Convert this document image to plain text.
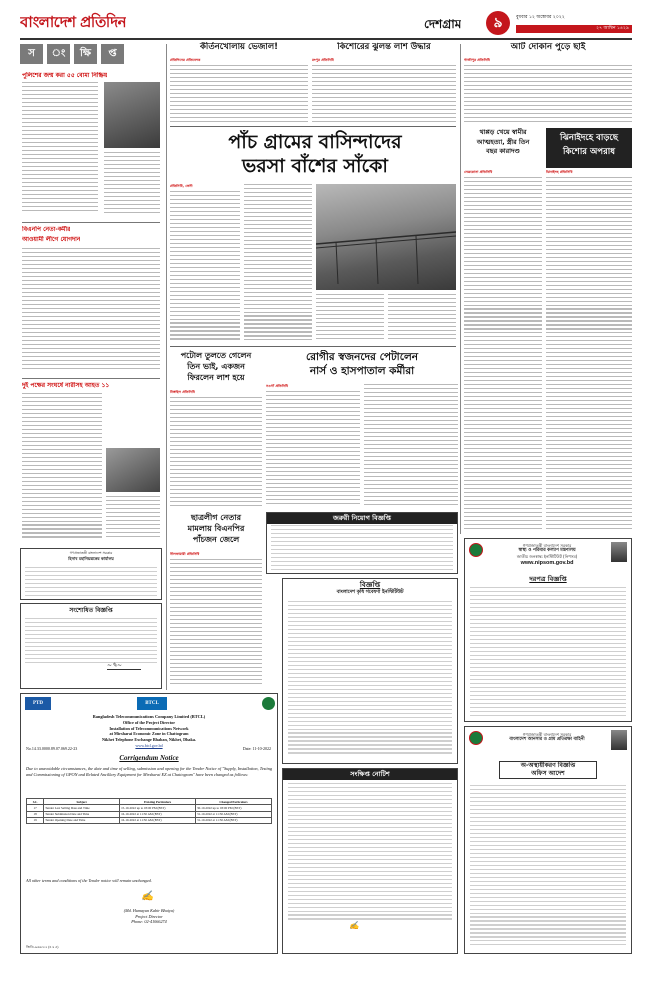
বাংলাদেশ প্রতিদিন	দেশগ্রাম	৯	বুধবার ১২ অক্টোবর ২০২২
২৭ আশ্বিন ১৪২৯
স	ং	ক্ষি	প্ত
পুলিশের জন্ম করা ৫৫ বোমা নিষ্ক্রিয়
বিএনপি নেতা-কর্মীর
আওয়ামী লীগে যোগদান
দুই পক্ষের সংঘর্ষে নারীসহ আহত ১১
গণপ্রজাতন্ত্রী বাংলাদেশ সরকার
হিসাব মহানিয়ন্ত্রকের কার্যালয়
সংশোধিত বিজ্ঞপ্তি
~✎~
PTD	BTCL
Bangladesh Telecommunications Company Limited (BTCL)
Office of the Project Director
Installation of Telecommunications Network
at Mirsharai Economic Zone in Chattogram
Nikhet Telephone Exchange Bhaban, Nikhet, Dhaka.
www.btcl.gov.bd
No.14.33.0000.89.07.069.22-23	Date: 11-10-2022
Corrigendum Notice
Due to unavoidable circumstances, the date and time of selling, submission and opening for the Tender Notice of "Supply, Installation, Testing and Commissioning of GPON and Related Ancillary Equipment for Mirsharai EZ at Chattogram" have been changed as follows:
S.L	Subject	Existing Particulars	Changed Particulars
17	Tender Last Selling Date and Time	15-10-2022 up to 03:00 PM (BST)	30-10-2022 up to 03:00 PM (BST)
18	Tender Submission Date and Time	16-10-2022 at 11:30 AM (BST)	31-10-2022 at 11:30 AM (BST)
19	Tender Opening Date and Time	16-10-2022 at 11:50 AM (BST)	31-10-2022 at 11:50 AM (BST)
All other terms and conditions of the Tender notice will remain unchanged.
✍
(Md. Humayun Kabir Bhuiya)
Project Director
Phone: 02-41066274
জিডি-৯৬৬/২২ (৪ x ৫)
কীর্তনখোলায় ভেজাল!
প্রতিদিনের প্রতিবেদক
কিশোরের ঝুলন্ত লাশ উদ্ধার
রংপুর প্রতিনিধি
আট দোকান পুড়ে ছাই
গাজীপুর প্রতিনিধি
পাঁচ গ্রামের বাসিন্দাদের
ভরসা বাঁশের সাঁকো
প্রতিনিধি, ফেনী
পটোল তুলতে গেলেন
তিন ভাই, একজন
ফিরলেন লাশ হয়ে
টাঙ্গাইল প্রতিনিধি
রোগীর স্বজনদের পেটালেন
নার্স ও হাসপাতাল কর্মীরা
নওগাঁ প্রতিনিধি
ছাত্রলীগ নেতার
মামলায় বিএনপির
পাঁচজন জেলে
নীলফামারী প্রতিনিধি
জরুরী নিয়োগ বিজ্ঞপ্তি
বিজ্ঞপ্তি
বাংলাদেশ কৃষি গবেষণা ইনস্টিটিউট
সংক্ষিপ্ত নোটিশ
✍
থাপ্পড় খেয়ে স্বামীর
আত্মহত্যা, স্ত্রীর তিন
বছর কারাদণ্ড
নেত্রকোনা প্রতিনিধি
ঝিনাইদহে বাড়ছে
কিশোর অপরাধ
ঝিনাইদহ প্রতিনিধি
গণপ্রজাতন্ত্রী বাংলাদেশ সরকার
স্বাস্থ্য ও পরিবার কল্যাণ মন্ত্রণালয়
জাতীয় জনস্বাস্থ্য ইনস্টিটিউট (নিপসম)
www.nipsom.gov.bd
দরপত্র বিজ্ঞপ্তি
গণপ্রজাতন্ত্রী বাংলাদেশ সরকার
বাংলাদেশ আনসার ও গ্রাম প্রতিরক্ষা বাহিনী
অ-অস্থায়ীকরণ বিজ্ঞপ্তি
অফিস আদেশ
